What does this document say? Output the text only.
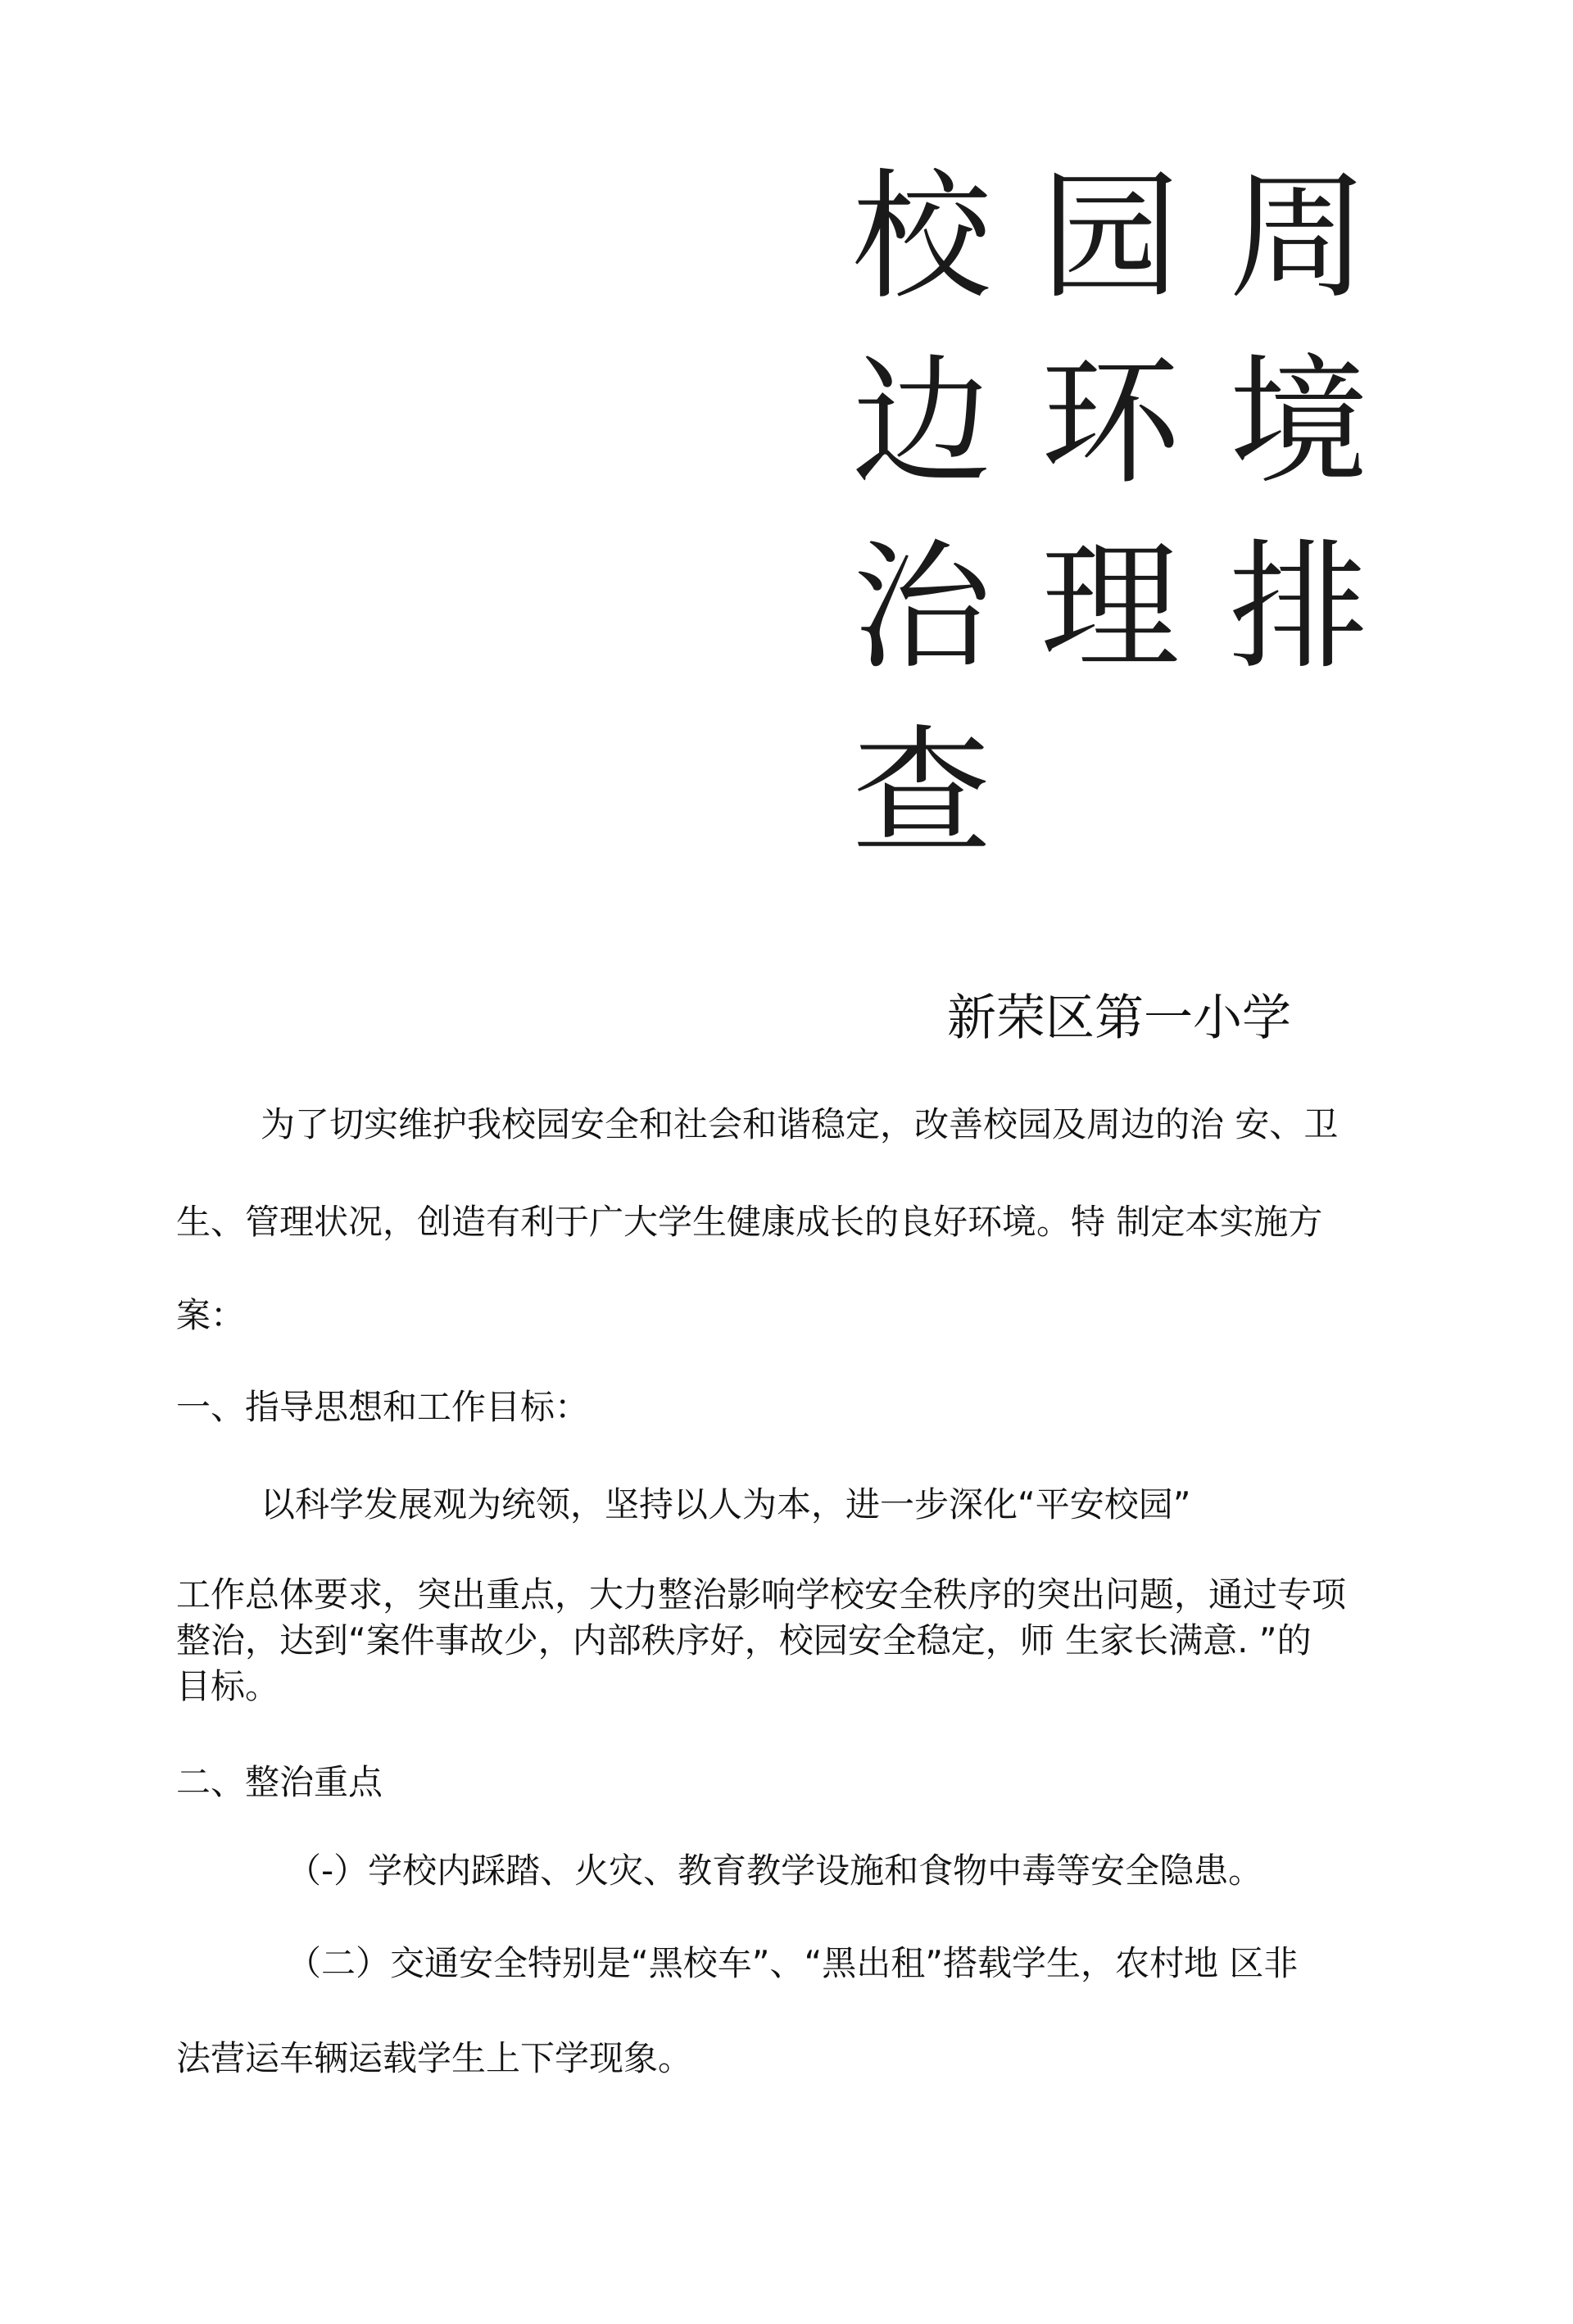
校 园 周
边 环 境
治 理 排
查
新荣区第一小学
为了切实维护我校园安全和社会和谐稳定，改善校园及周边的治 安、卫
生、管理状况，创造有利于广大学生健康成长的良好环境。特 制定本实施方
案：
一、指导思想和工作目标：
以科学发展观为统领，坚持以人为本，进一步深化“平安校园”
工作总体要求，突出重点，大力整治影响学校安全秩序的突出问题，通过专项
整治，达到“案件事故少，内部秩序好，校园安全稳定，师 生家长满意. ”的
目标。
二、整治重点
（-）学校内踩踏、火灾、教育教学设施和食物中毒等安全隐患。
（二）交通安全特别是“黑校车”、“黑出租”搭载学生，农村地 区非
法营运车辆运载学生上下学现象。
